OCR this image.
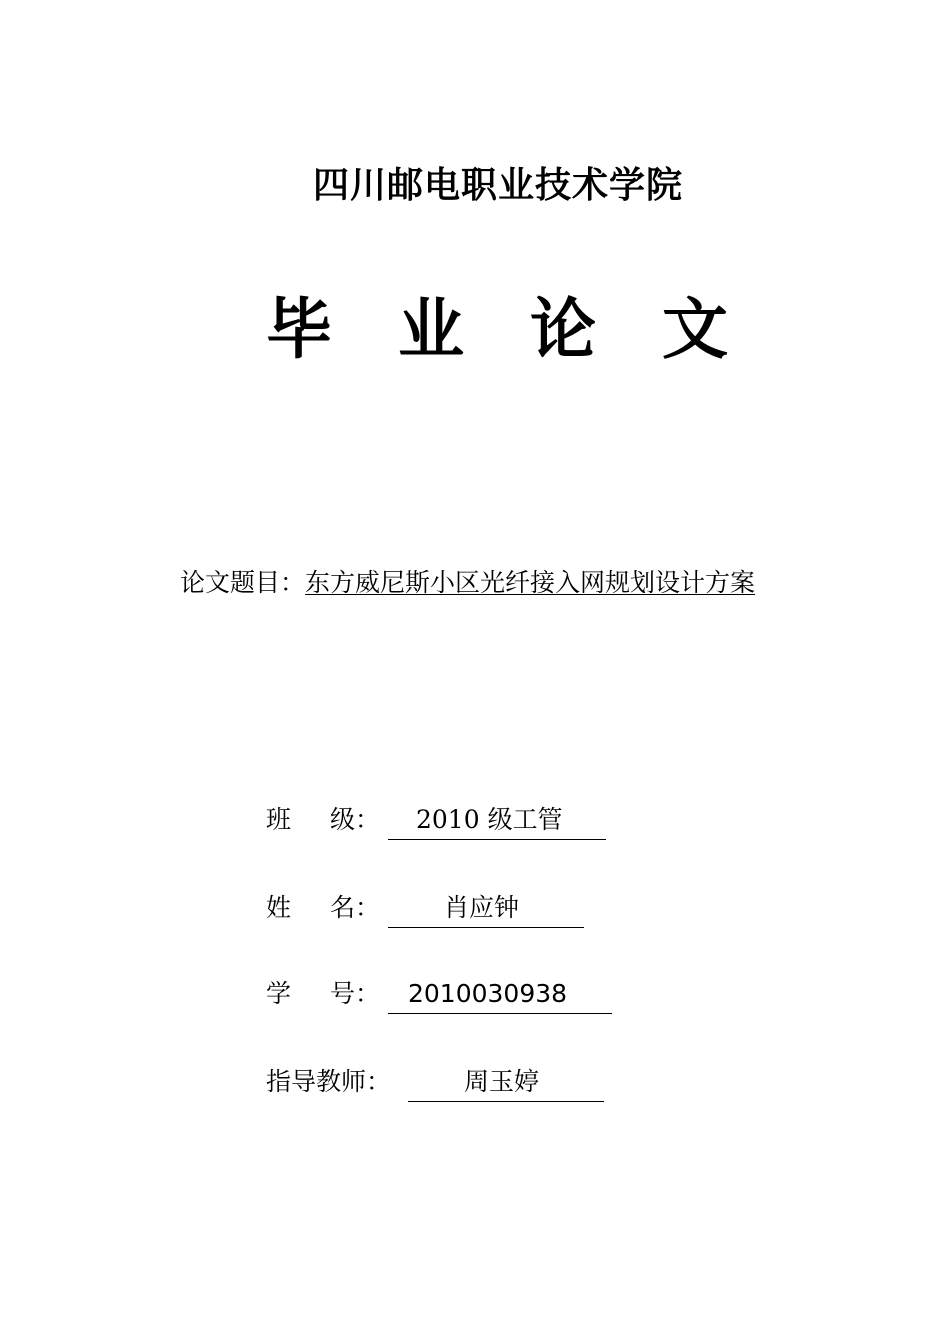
四川邮电职业技术学院
毕 业 论 文
论文题目：东方威尼斯小区光纤接入网规划设计方案
班 级： 2010 级工管
姓 名：	肖应钟
学 号： 2010030938
指导教师：	周玉婷
